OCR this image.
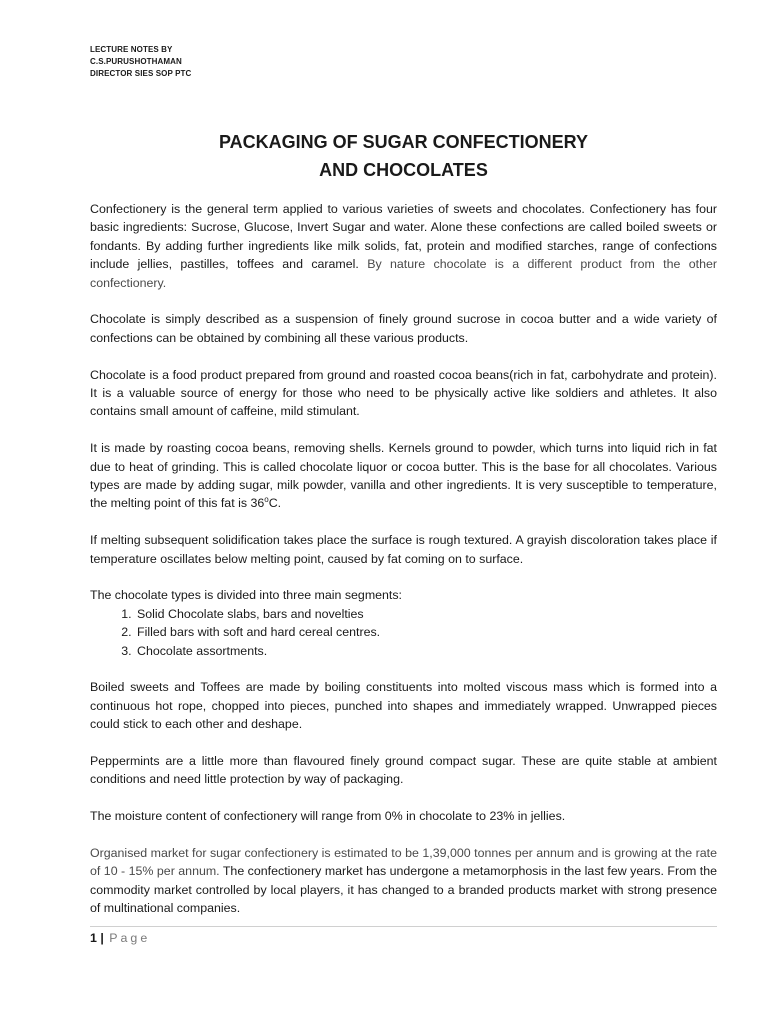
LECTURE NOTES BY
C.S.PURUSHOTHAMAN
DIRECTOR SIES SOP PTC
PACKAGING OF SUGAR CONFECTIONERY
AND CHOCOLATES

Confectionery is the general term applied to various varieties of sweets and chocolates. Confectionery has four basic ingredients: Sucrose, Glucose, Invert Sugar and water. Alone these confections are called boiled sweets or fondants. By adding further ingredients like milk solids, fat, protein and modified starches, range of confections include jellies, pastilles, toffees and caramel. By nature chocolate is a different product from the other confectionery.

Chocolate is simply described as a suspension of finely ground sucrose in cocoa butter and a wide variety of confections can be obtained by combining all these various products.

Chocolate is a food product prepared from ground and roasted cocoa beans(rich in fat, carbohydrate and protein). It is a valuable source of energy for those who need to be physically active like soldiers and athletes. It also contains small amount of caffeine, mild stimulant.

It is made by roasting cocoa beans, removing shells. Kernels ground to powder, which turns into liquid rich in fat due to heat of grinding. This is called chocolate liquor or cocoa butter. This is the base for all chocolates. Various types are made by adding sugar, milk powder, vanilla and other ingredients. It is very susceptible to temperature, the melting point of this fat is 36$^o$C.

If melting subsequent solidification takes place the surface is rough textured. A grayish discoloration takes place if temperature oscillates below melting point, caused by fat coming on to surface.

The chocolate types is divided into three main segments:

1. Solid Chocolate slabs, bars and novelties
2. Filled bars with soft and hard cereal centres.
3. Chocolate assortments.

Boiled sweets and Toffees are made by boiling constituents into molted viscous mass which is formed into a continuous hot rope, chopped into pieces, punched into shapes and immediately wrapped. Unwrapped pieces could stick to each other and deshape.

Peppermints are a little more than flavoured finely ground compact sugar. These are quite stable at ambient conditions and need little protection by way of packaging.

The moisture content of confectionery will range from 0% in chocolate to 23% in jellies.

Organised market for sugar confectionery is estimated to be 1,39,000 tonnes per annum and is growing at the rate of 10 - 15% per annum. The confectionery market has undergone a metamorphosis in the last few years. From the commodity market controlled by local players, it has changed to a branded products market with strong presence of multinational companies.

1 | Page
